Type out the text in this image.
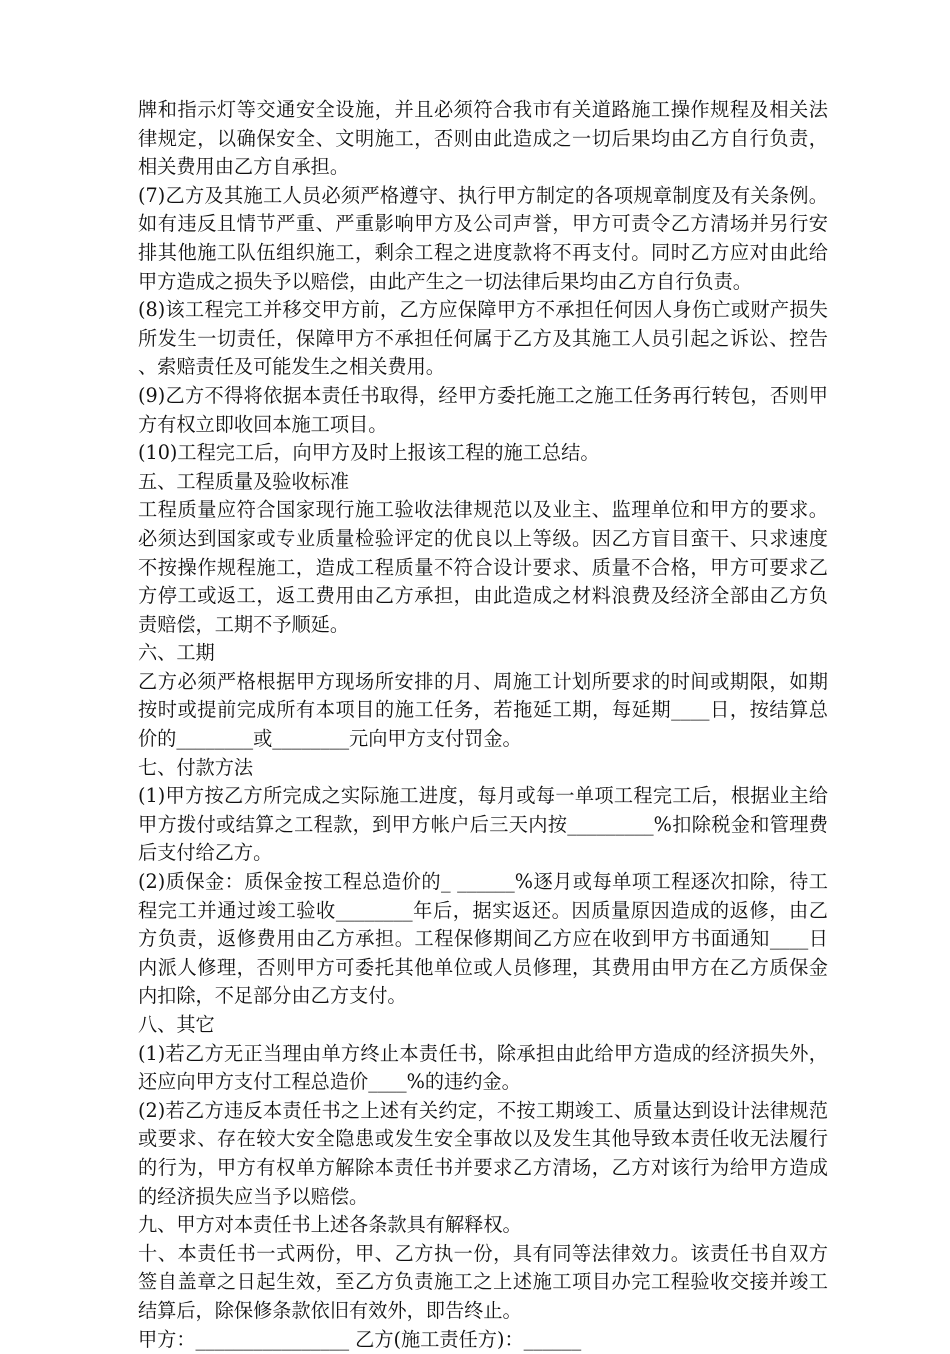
牌和指示灯等交通安全设施，并且必须符合我市有关道路施工操作规程及相关法律规定，以确保安全、文明施工，否则由此造成之一切后果均由乙方自行负责，相关费用由乙方自承担。

(7)乙方及其施工人员必须严格遵守、执行甲方制定的各项规章制度及有关条例。如有违反且情节严重、严重影响甲方及公司声誉，甲方可责令乙方清场并另行安排其他施工队伍组织施工，剩余工程之进度款将不再支付。同时乙方应对由此给甲方造成之损失予以赔偿，由此产生之一切法律后果均由乙方自行负责。

(8)该工程完工并移交甲方前，乙方应保障甲方不承担任何因人身伤亡或财产损失所发生一切责任，保障甲方不承担任何属于乙方及其施工人员引起之诉讼、控告、索赔责任及可能发生之相关费用。

(9)乙方不得将依据本责任书取得，经甲方委托施工之施工任务再行转包，否则甲方有权立即收回本施工项目。

(10)工程完工后，向甲方及时上报该工程的施工总结。

五、工程质量及验收标准

工程质量应符合国家现行施工验收法律规范以及业主、监理单位和甲方的要求。必须达到国家或专业质量检验评定的优良以上等级。因乙方盲目蛮干、只求速度不按操作规程施工，造成工程质量不符合设计要求、质量不合格，甲方可要求乙方停工或返工，返工费用由乙方承担，由此造成之材料浪费及经济全部由乙方负责赔偿，工期不予顺延。

六、工期

乙方必须严格根据甲方现场所安排的月、周施工计划所要求的时间或期限，如期按时或提前完成所有本项目的施工任务，若拖延工期，每延期____日，按结算总价的________或________元向甲方支付罚金。

七、付款方法

(1)甲方按乙方所完成之实际施工进度，每月或每一单项工程完工后，根据业主给甲方拨付或结算之工程款，到甲方帐户后三天内按_________%扣除税金和管理费后支付给乙方。

(2)质保金：质保金按工程总造价的_ ______%逐月或每单项工程逐次扣除，待工程完工并通过竣工验收________年后，据实返还。因质量原因造成的返修，由乙方负责，返修费用由乙方承担。工程保修期间乙方应在收到甲方书面通知____日内派人修理，否则甲方可委托其他单位或人员修理，其费用由甲方在乙方质保金内扣除，不足部分由乙方支付。

八、其它

(1)若乙方无正当理由单方终止本责任书，除承担由此给甲方造成的经济损失外，还应向甲方支付工程总造价____%的违约金。

(2)若乙方违反本责任书之上述有关约定，不按工期竣工、质量达到设计法律规范或要求、存在较大安全隐患或发生安全事故以及发生其他导致本责任收无法履行的行为，甲方有权单方解除本责任书并要求乙方清场，乙方对该行为给甲方造成的经济损失应当予以赔偿。

九、甲方对本责任书上述各条款具有解释权。

十、本责任书一式两份，甲、乙方执一份，具有同等法律效力。该责任书自双方签自盖章之日起生效，至乙方负责施工之上述施工项目办完工程验收交接并竣工结算后，除保修条款依旧有效外，即告终止。

甲方：________________ 乙方(施工责任方)：______
